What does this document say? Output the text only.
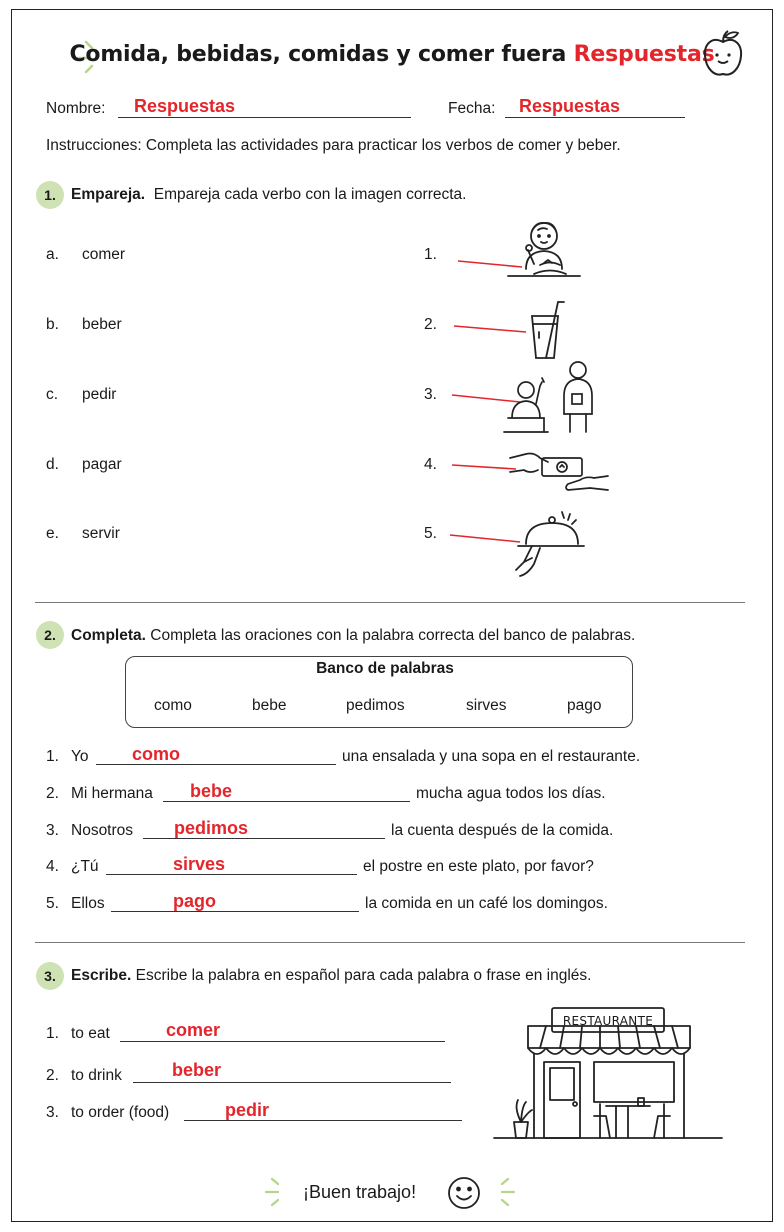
Comida, bebidas, comidas y comer fuera Respuestas
Nombre: Respuestas	Fecha: Respuestas
Instrucciones: Completa las actividades para practicar los verbos de comer y beber.
1. Empareja. Empareja cada verbo con la imagen correcta.
a. comer	1.
b. beber	2.
c. pedir	3.
d. pagar	4.
e. servir	5.
2. Completa. Completa las oraciones con la palabra correcta del banco de palabras.
Banco de palabras
como	bebe	pedimos	sirves	pago
1. Yo como	una ensalada y una sopa en el restaurante.
2. Mi hermana bebe	mucha agua todos los días.
3. Nosotros pedimos	la cuenta después de la comida.
4. ¿Tú	sirves	el postre en este plato, por favor?
5. Ellos	pago	la comida en un café los domingos.
3. Escribe. Escribe la palabra en español para cada palabra o frase en inglés.
1. to eat	comer
2. to drink	beber
3. to order (food)	pedir
RESTAURANTE
¡Buen trabajo!
